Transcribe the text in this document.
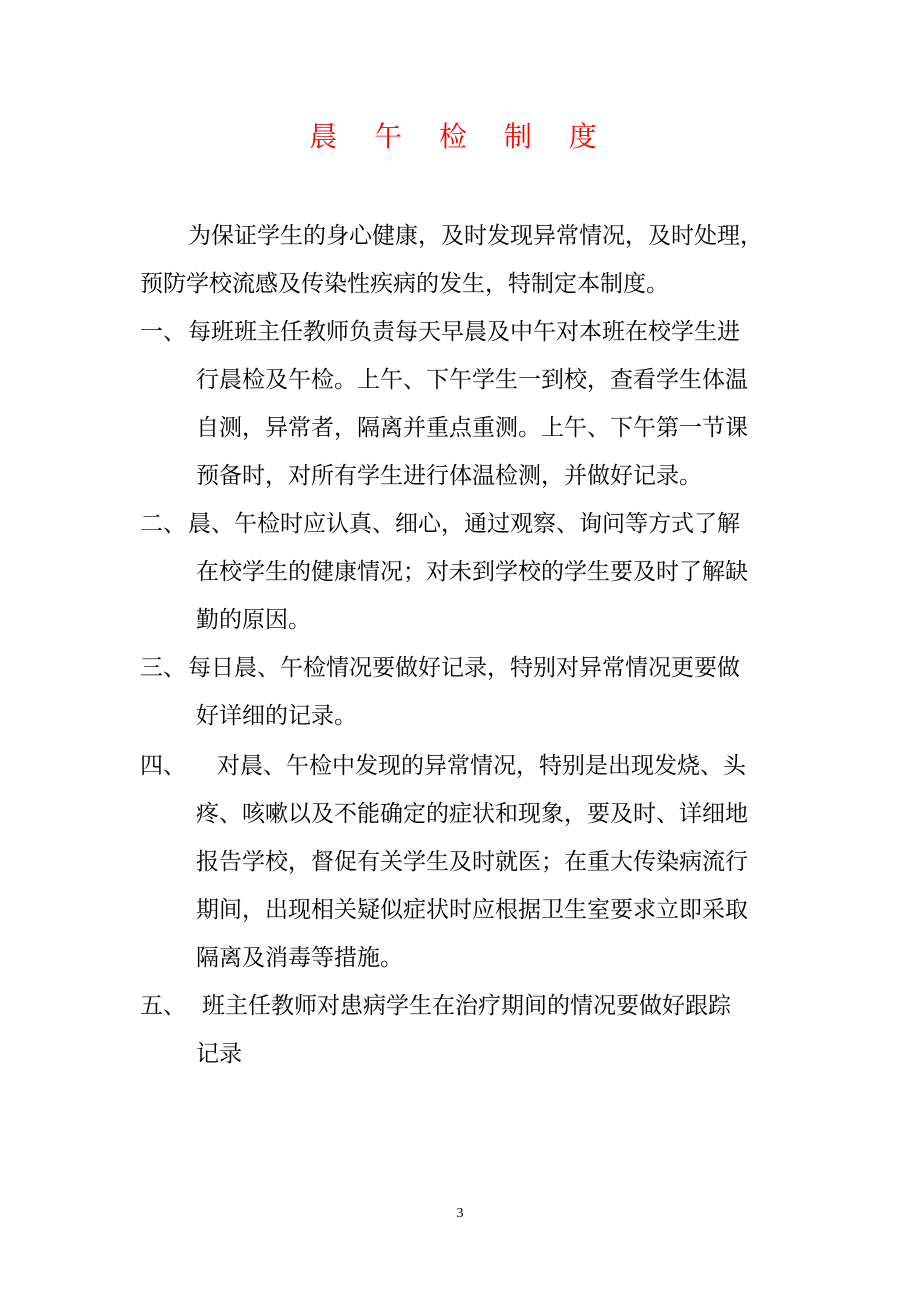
晨 午 检 制 度
为保证学生的身心健康，及时发现异常情况，及时处理，
预防学校流感及传染性疾病的发生，特制定本制度。
一、每班班主任教师负责每天早晨及中午对本班在校学生进
行晨检及午检。上午、下午学生一到校，查看学生体温
自测，异常者，隔离并重点重测。上午、下午第一节课
预备时，对所有学生进行体温检测，并做好记录。
二、晨、午检时应认真、细心，通过观察、询问等方式了解
在校学生的健康情况；对未到学校的学生要及时了解缺
勤的原因。
三、每日晨、午检情况要做好记录，特别对异常情况更要做
好详细的记录。
四、 对晨、午检中发现的异常情况，特别是出现发烧、头
疼、咳嗽以及不能确定的症状和现象，要及时、详细地
报告学校，督促有关学生及时就医；在重大传染病流行
期间，出现相关疑似症状时应根据卫生室要求立即采取
隔离及消毒等措施。
五、 班主任教师对患病学生在治疗期间的情况要做好跟踪
记录
3
